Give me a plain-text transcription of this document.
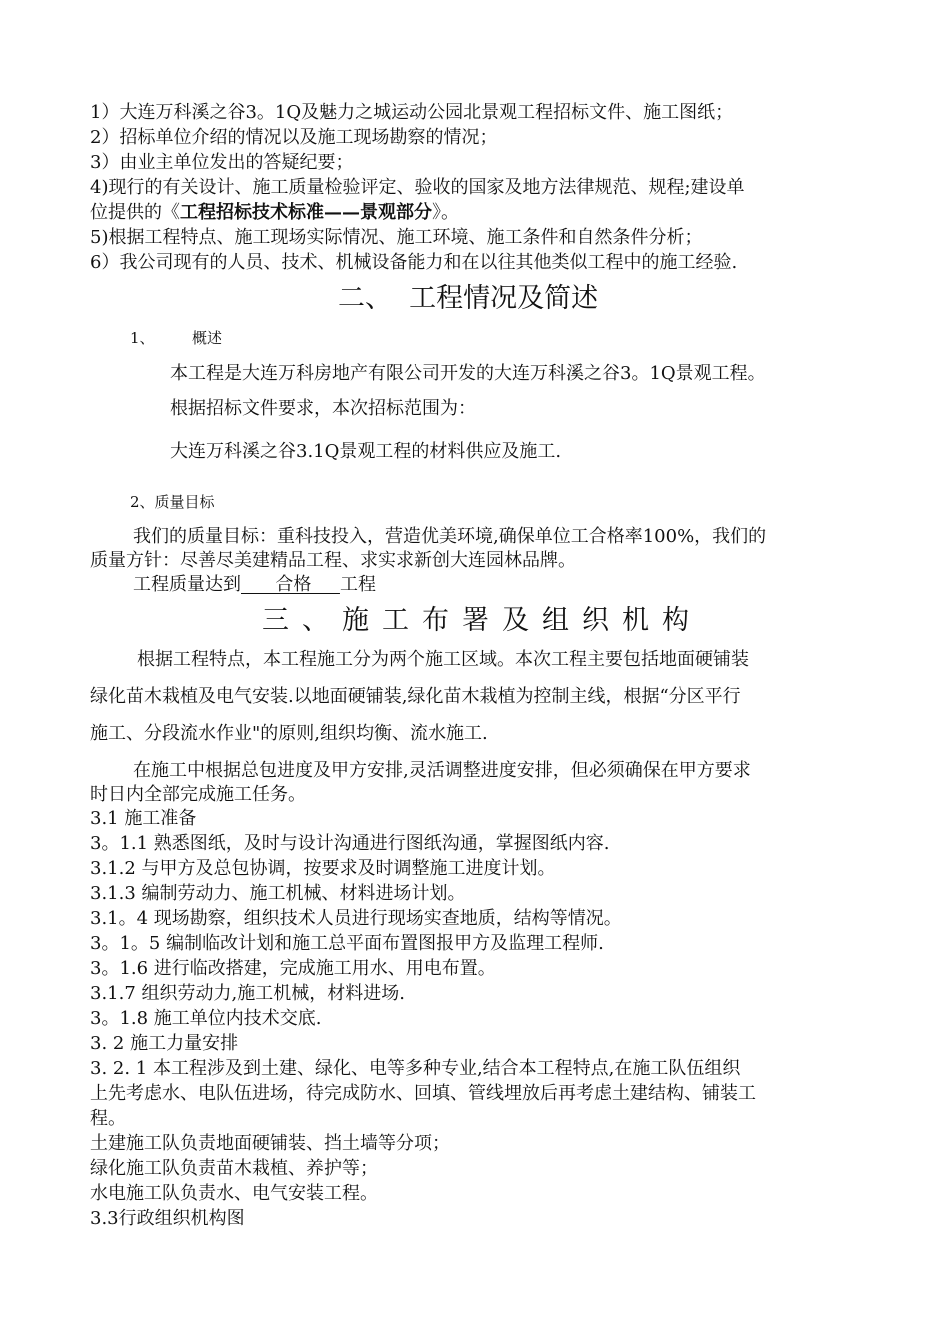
1）大连万科溪之谷3。1Q及魅力之城运动公园北景观工程招标文件、施工图纸；
2）招标单位介绍的情况以及施工现场勘察的情况；
3）由业主单位发出的答疑纪要；
4)现行的有关设计、施工质量检验评定、验收的国家及地方法律规范、规程;建设单
位提供的《工程招标技术标准——景观部分》。
5)根据工程特点、施工现场实际情况、施工环境、施工条件和自然条件分析；
6）我公司现有的人员、技术、机械设备能力和在以往其他类似工程中的施工经验.
二、  工程情况及简述
1、 概述
本工程是大连万科房地产有限公司开发的大连万科溪之谷3。1Q景观工程。
根据招标文件要求，本次招标范围为：
大连万科溪之谷3.1Q景观工程的材料供应及施工.
2、质量目标
我们的质量目标：重科技投入，营造优美环境,确保单位工合格率100%，我们的
质量方针：尽善尽美建精品工程、求实求新创大连园林品牌。
工程质量达到      合格     工程
三、施工布署及组织机构
根据工程特点，本工程施工分为两个施工区域。本次工程主要包括地面硬铺装
绿化苗木栽植及电气安装.以地面硬铺装,绿化苗木栽植为控制主线，根据“分区平行
施工、分段流水作业"的原则,组织均衡、流水施工.
在施工中根据总包进度及甲方安排,灵活调整进度安排，但必须确保在甲方要求
时日内全部完成施工任务。
3.1 施工准备
3。1.1 熟悉图纸，及时与设计沟通进行图纸沟通，掌握图纸内容.
3.1.2 与甲方及总包协调，按要求及时调整施工进度计划。
3.1.3 编制劳动力、施工机械、材料进场计划。
3.1。4 现场勘察，组织技术人员进行现场实查地质，结构等情况。
3。1。5 编制临改计划和施工总平面布置图报甲方及监理工程师.
3。1.6 进行临改搭建，完成施工用水、用电布置。
3.1.7 组织劳动力,施工机械，材料进场.
3。1.8 施工单位内技术交底.
3. 2 施工力量安排
3. 2. 1 本工程涉及到土建、绿化、电等多种专业,结合本工程特点,在施工队伍组织
上先考虑水、电队伍进场，待完成防水、回填、管线埋放后再考虑土建结构、铺装工
程。
土建施工队负责地面硬铺装、挡土墙等分项；
绿化施工队负责苗木栽植、养护等；
水电施工队负责水、电气安装工程。
3.3行政组织机构图
